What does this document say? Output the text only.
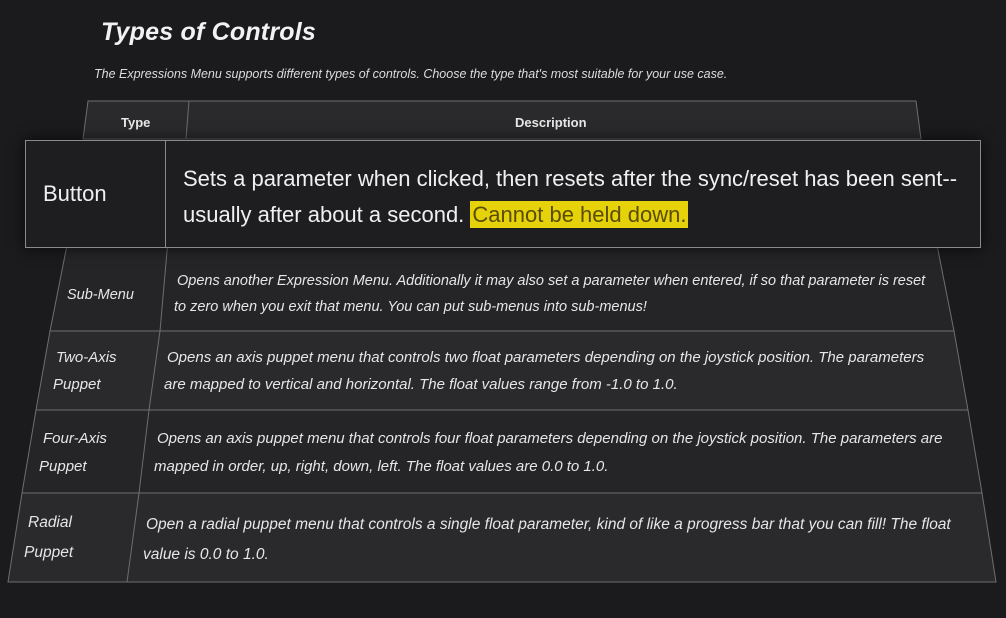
Types of Controls
The Expressions Menu supports different types of controls. Choose the type that's most suitable for your use case.
Type	Description
Sub-Menu
Opens another Expression Menu. Additionally it may also set a parameter when entered, if so that parameter is reset to zero when you exit that menu. You can put sub-menus into sub-menus!
Two-Axis Puppet
Opens an axis puppet menu that controls two float parameters depending on the joystick position. The parameters are mapped to vertical and horizontal. The float values range from -1.0 to 1.0.
Four-Axis Puppet
Opens an axis puppet menu that controls four float parameters depending on the joystick position. The parameters are mapped in order, up, right, down, left. The float values are 0.0 to 1.0.
Radial Puppet
Open a radial puppet menu that controls a single float parameter, kind of like a progress bar that you can fill! The float value is 0.0 to 1.0.
Button
Sets a parameter when clicked, then resets after the sync/reset has been sent-- usually after about a second. Cannot be held down.
